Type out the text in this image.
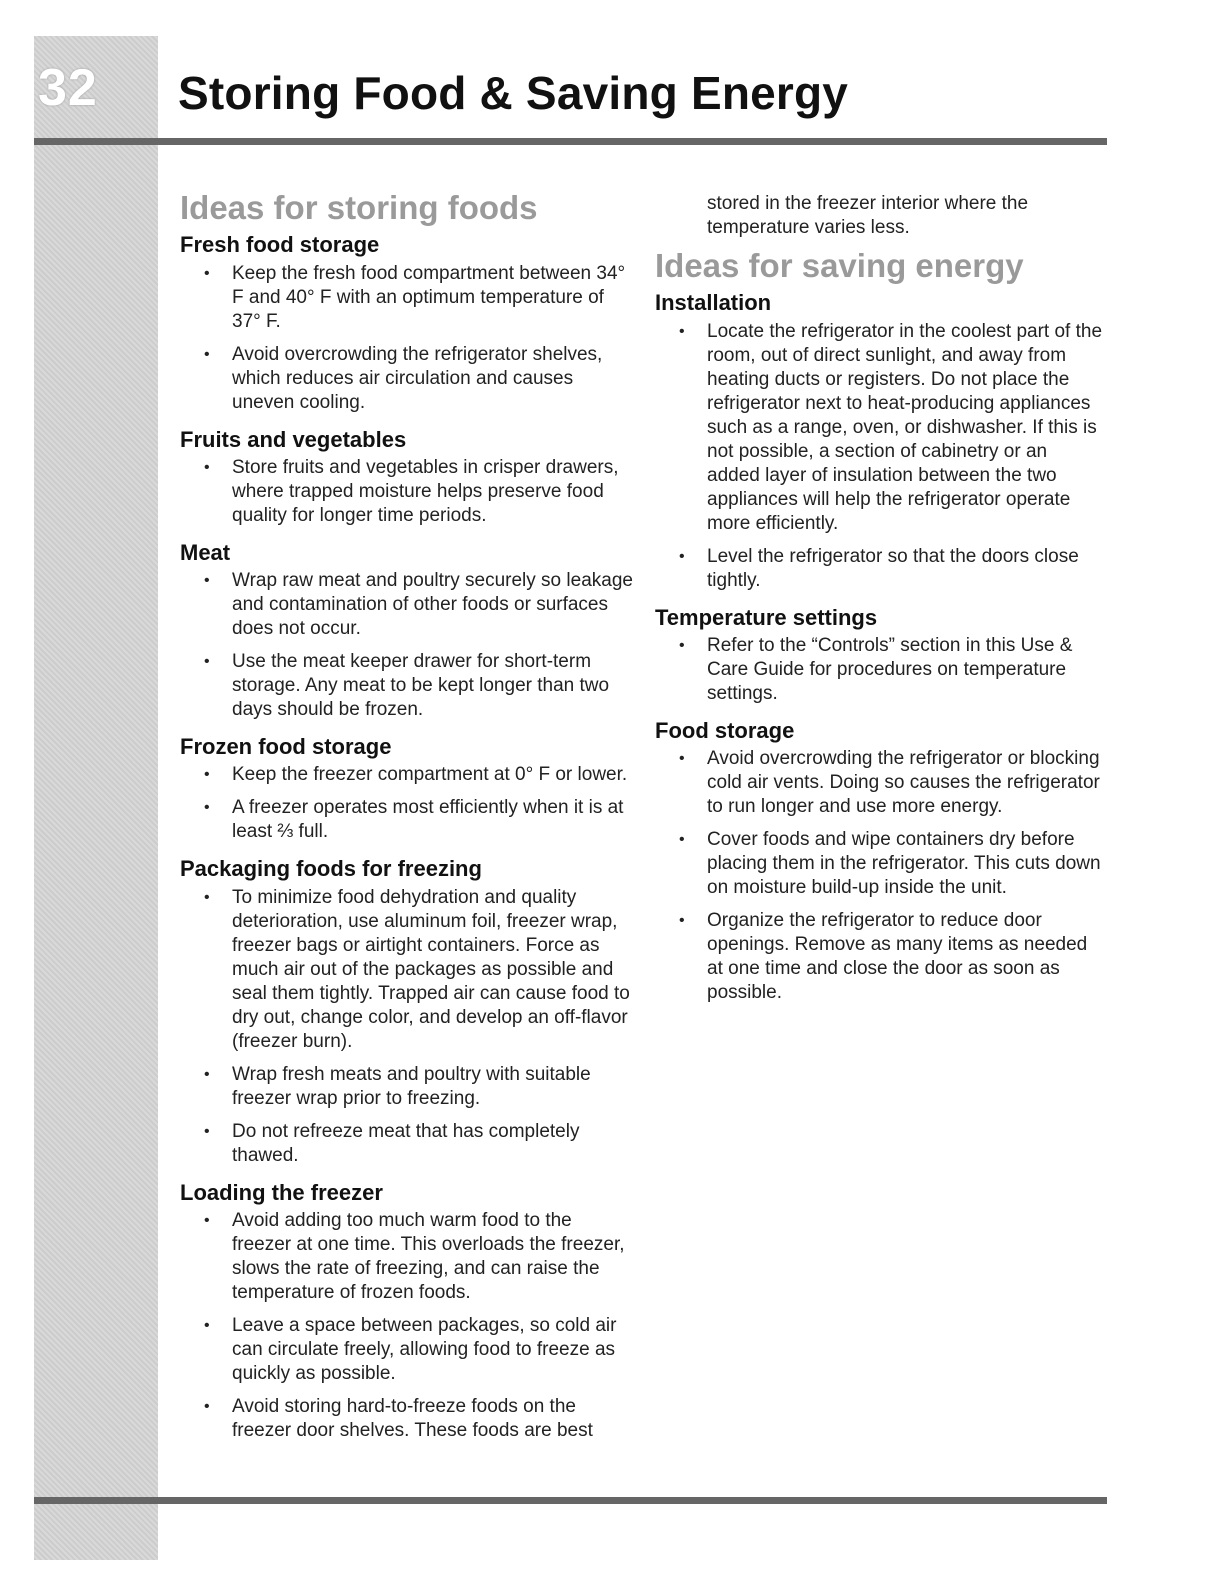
32	Storing Food & Saving Energy
Ideas for storing foods
Fresh food storage
• Keep the fresh food compartment between 34° F and 40° F with an optimum temperature of 37° F.
• Avoid overcrowding the refrigerator shelves, which reduces air circulation and causes uneven cooling.
Fruits and vegetables
• Store fruits and vegetables in crisper drawers, where trapped moisture helps preserve food quality for longer time periods.
Meat
• Wrap raw meat and poultry securely so leakage and contamination of other foods or surfaces does not occur.
• Use the meat keeper drawer for short-term storage. Any meat to be kept longer than two days should be frozen.
Frozen food storage
• Keep the freezer compartment at 0° F or lower.
• A freezer operates most efficiently when it is at least ⅔ full.
Packaging foods for freezing
• To minimize food dehydration and quality deterioration, use aluminum foil, freezer wrap, freezer bags or airtight containers. Force as much air out of the packages as possible and seal them tightly. Trapped air can cause food to dry out, change color, and develop an off-flavor (freezer burn).
• Wrap fresh meats and poultry with suitable freezer wrap prior to freezing.
• Do not refreeze meat that has completely thawed.
Loading the freezer
• Avoid adding too much warm food to the freezer at one time. This overloads the freezer, slows the rate of freezing, and can raise the temperature of frozen foods.
• Leave a space between packages, so cold air can circulate freely, allowing food to freeze as quickly as possible.
• Avoid storing hard-to-freeze foods on the freezer door shelves. These foods are best
stored in the freezer interior where the temperature varies less.
Ideas for saving energy
Installation
• Locate the refrigerator in the coolest part of the room, out of direct sunlight, and away from heating ducts or registers. Do not place the refrigerator next to heat-producing appliances such as a range, oven, or dishwasher. If this is not possible, a section of cabinetry or an added layer of insulation between the two appliances will help the refrigerator operate more efficiently.
• Level the refrigerator so that the doors close tightly.
Temperature settings
• Refer to the “Controls” section in this Use & Care Guide for procedures on temperature settings.
Food storage
• Avoid overcrowding the refrigerator or blocking cold air vents. Doing so causes the refrigerator to run longer and use more energy.
• Cover foods and wipe containers dry before placing them in the refrigerator. This cuts down on moisture build-up inside the unit.
• Organize the refrigerator to reduce door openings. Remove as many items as needed at one time and close the door as soon as possible.
